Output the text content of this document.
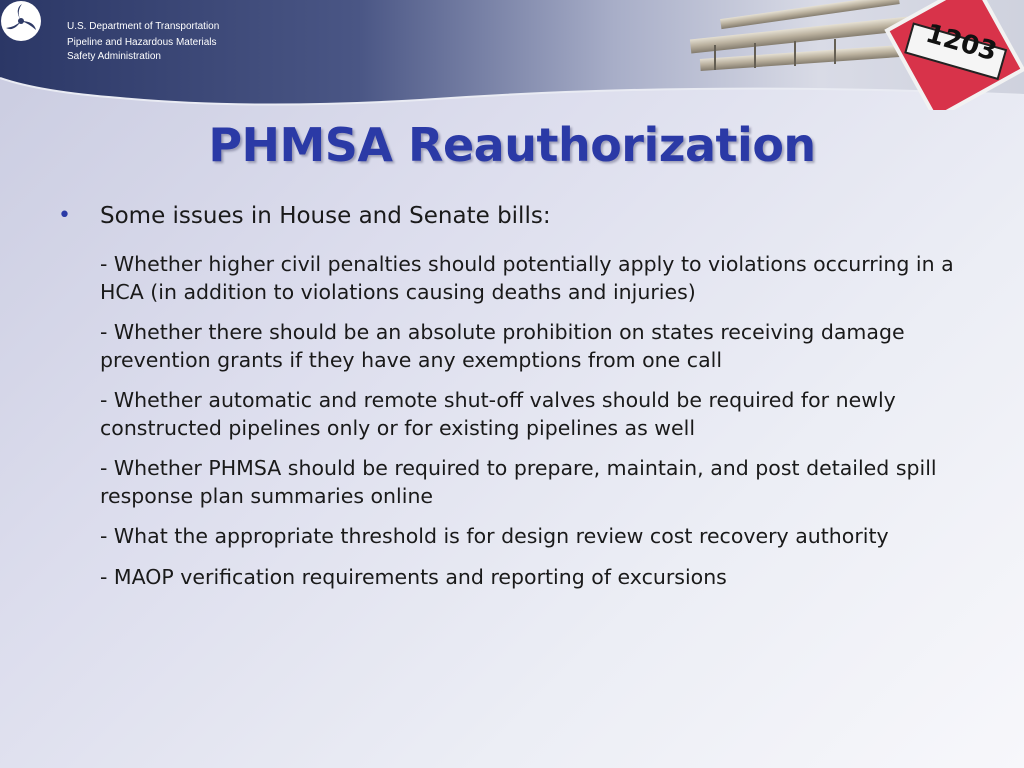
1203
U.S. Department of Transportation
Pipeline and Hazardous Materials
Safety Administration
PHMSA Reauthorization
• Some issues in House and Senate bills:

- Whether higher civil penalties should potentially apply to violations occurring in a HCA (in addition to violations causing deaths and injuries)

- Whether there should be an absolute prohibition on states receiving damage prevention grants if they have any exemptions from one call

- Whether automatic and remote shut-off valves should be required for newly constructed pipelines only or for existing pipelines as well

- Whether PHMSA should be required to prepare, maintain, and post detailed spill response plan summaries online

- What the appropriate threshold is for design review cost recovery authority

- MAOP verification requirements and reporting of excursions
